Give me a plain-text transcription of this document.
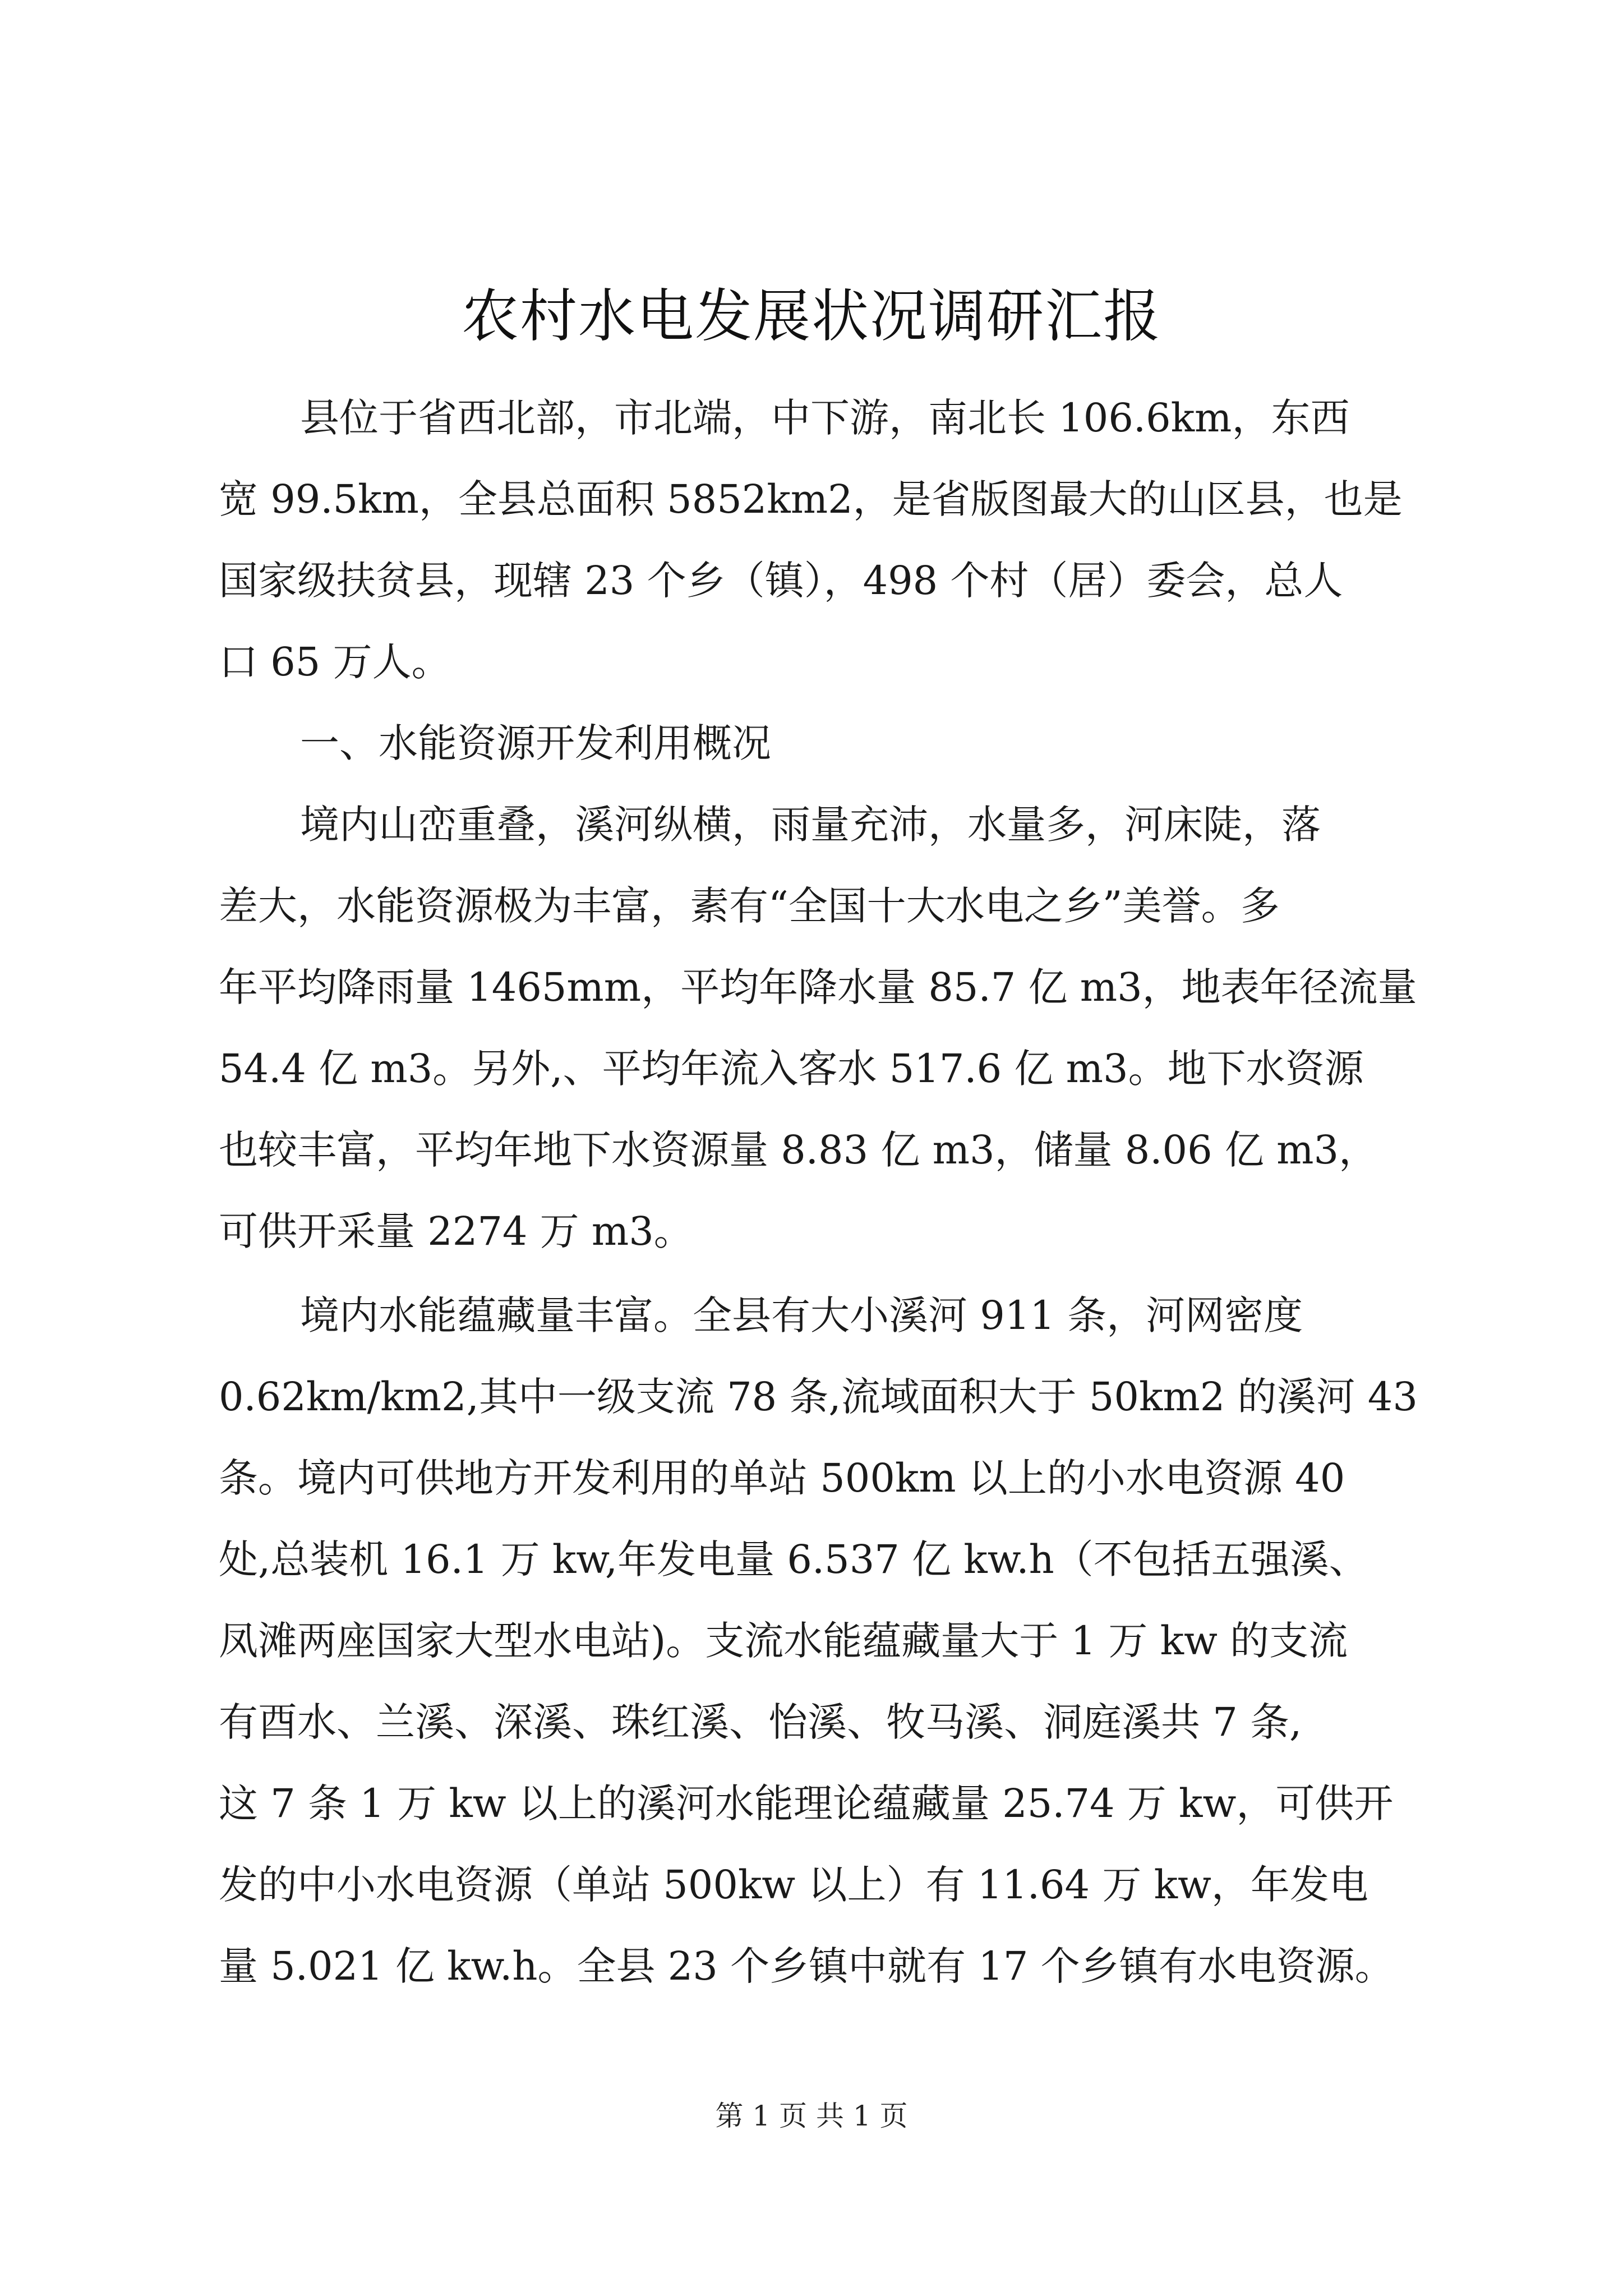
农村水电发展状况调研汇报
县位于省西北部，市北端，中下游，南北长 106.6km，东西
宽 99.5km，全县总面积 5852km2，是省版图最大的山区县，也是
国家级扶贫县，现辖 23 个乡（镇），498 个村（居）委会，总人
口 65 万人。
一、水能资源开发利用概况
境内山峦重叠，溪河纵横，雨量充沛，水量多，河床陡，落
差大，水能资源极为丰富，素有“全国十大水电之乡”美誉。多
年平均降雨量 1465mm，平均年降水量 85.7 亿 m3，地表年径流量
54.4 亿 m3。另外,、平均年流入客水 517.6 亿 m3。地下水资源
也较丰富，平均年地下水资源量 8.83 亿 m3，储量 8.06 亿 m3，
可供开采量 2274 万 m3。
境内水能蕴藏量丰富。全县有大小溪河 911 条，河网密度
0.62km/km2,其中一级支流 78 条,流域面积大于 50km2 的溪河 43
条。境内可供地方开发利用的单站 500km 以上的小水电资源 40
处,总装机 16.1 万 kw,年发电量 6.537 亿 kw.h（不包括五强溪、
凤滩两座国家大型水电站)。支流水能蕴藏量大于 1 万 kw 的支流
有酉水、兰溪、深溪、珠红溪、怡溪、牧马溪、洞庭溪共 7 条,
这 7 条 1 万 kw 以上的溪河水能理论蕴藏量 25.74 万 kw，可供开
发的中小水电资源（单站 500kw 以上）有 11.64 万 kw，年发电
量 5.021 亿 kw.h。全县 23 个乡镇中就有 17 个乡镇有水电资源。
第 1 页 共 1 页
